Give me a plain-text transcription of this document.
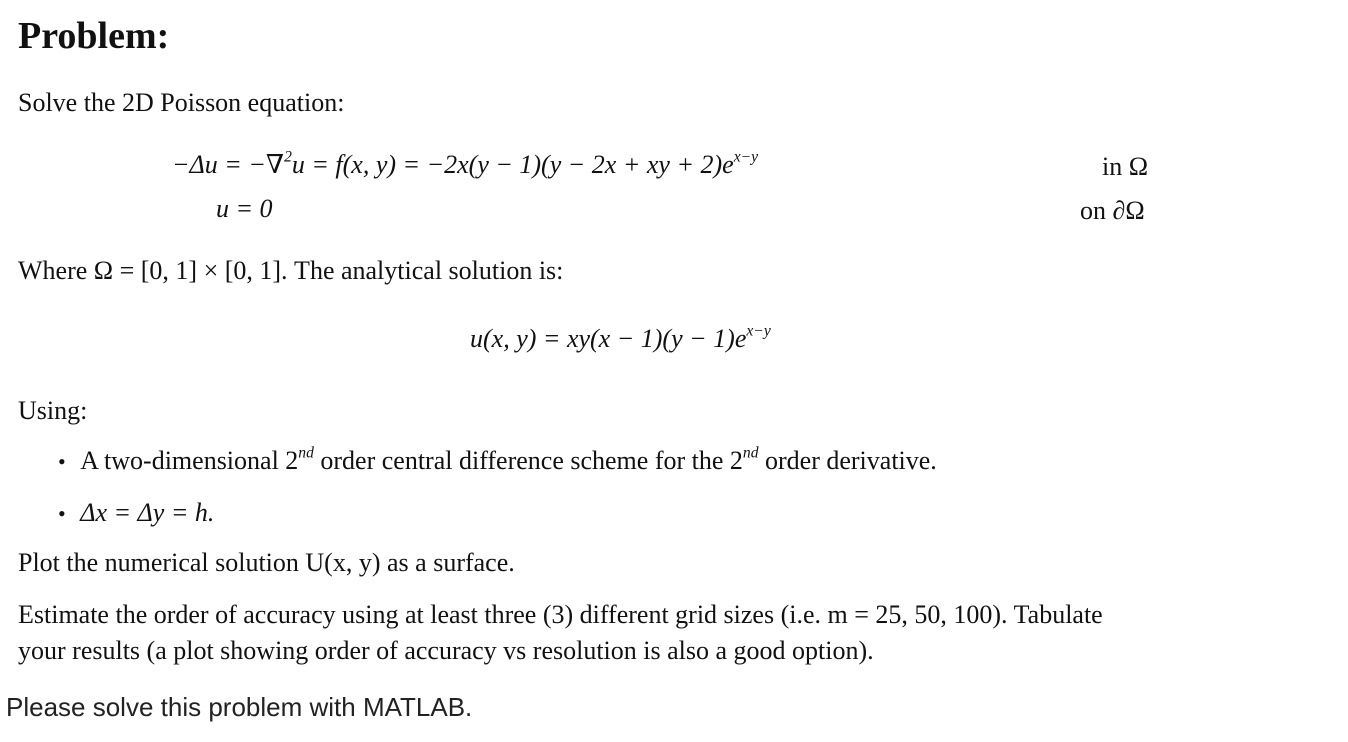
Problem:
Solve the 2D Poisson equation:
−Δu = −∇$^2$u = f(x, y) = −2x(y − 1)(y − 2x + xy + $2)e^{x-y}$	in Ω
u = 0	on ∂Ω
Where Ω = [0, 1] × [0, 1]. The analytical solution is:
u(x, $y) = xy(x - 1)(y - 1)e^{x-y}$
Using:
• A two-dimensional 2nd order central difference scheme for the 2nd order derivative.
• Δx = Δy = h.
Plot the numerical solution U(x, y) as a surface.
Estimate the order of accuracy using at least three (3) different grid sizes (i.e. m = 25, 50, 100). Tabulate
your results (a plot showing order of accuracy vs resolution is also a good option).
Please solve this problem with MATLAB.
